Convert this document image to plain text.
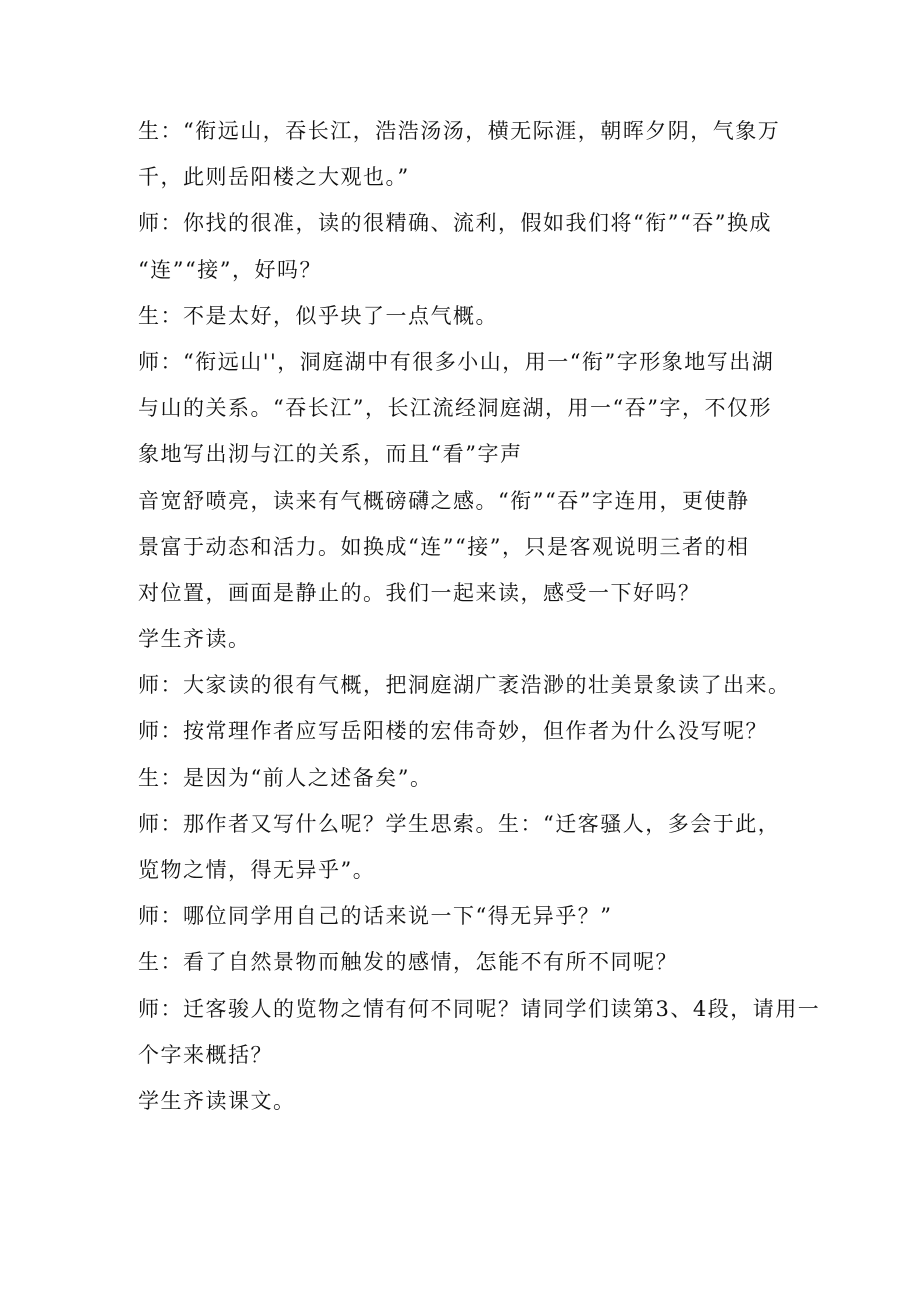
生：“衔远山，吞长江，浩浩汤汤，横无际涯，朝晖夕阴，气象万
千，此则岳阳楼之大观也。”
师：你找的很准，读的很精确、流利，假如我们将“衔”“吞”换成
“连”“接”，好吗？
生：不是太好，似乎块了一点气概。
师：“衔远山''，洞庭湖中有很多小山，用一“衔”字形象地写出湖
与山的关系。“吞长江”，长江流经洞庭湖，用一“吞”字，不仅形
象地写出沏与江的关系，而且“看”字声
音宽舒喷亮，读来有气概磅礴之感。“衔”“吞”字连用，更使静
景富于动态和活力。如换成“连”“接”，只是客观说明三者的相
对位置，画面是静止的。我们一起来读，感受一下好吗？
学生齐读。
师：大家读的很有气概，把洞庭湖广袤浩渺的壮美景象读了出来。
师：按常理作者应写岳阳楼的宏伟奇妙，但作者为什么没写呢？
生：是因为“前人之述备矣”。
师：那作者又写什么呢？学生思索。生：“迁客骚人，多会于此，
览物之情，得无异乎”。
师：哪位同学用自己的话来说一下“得无异乎？”
生：看了自然景物而触发的感情，怎能不有所不同呢？
师：迁客骏人的览物之情有何不同呢？请同学们读第3、4段，请用一
个字来概括？
学生齐读课文。
